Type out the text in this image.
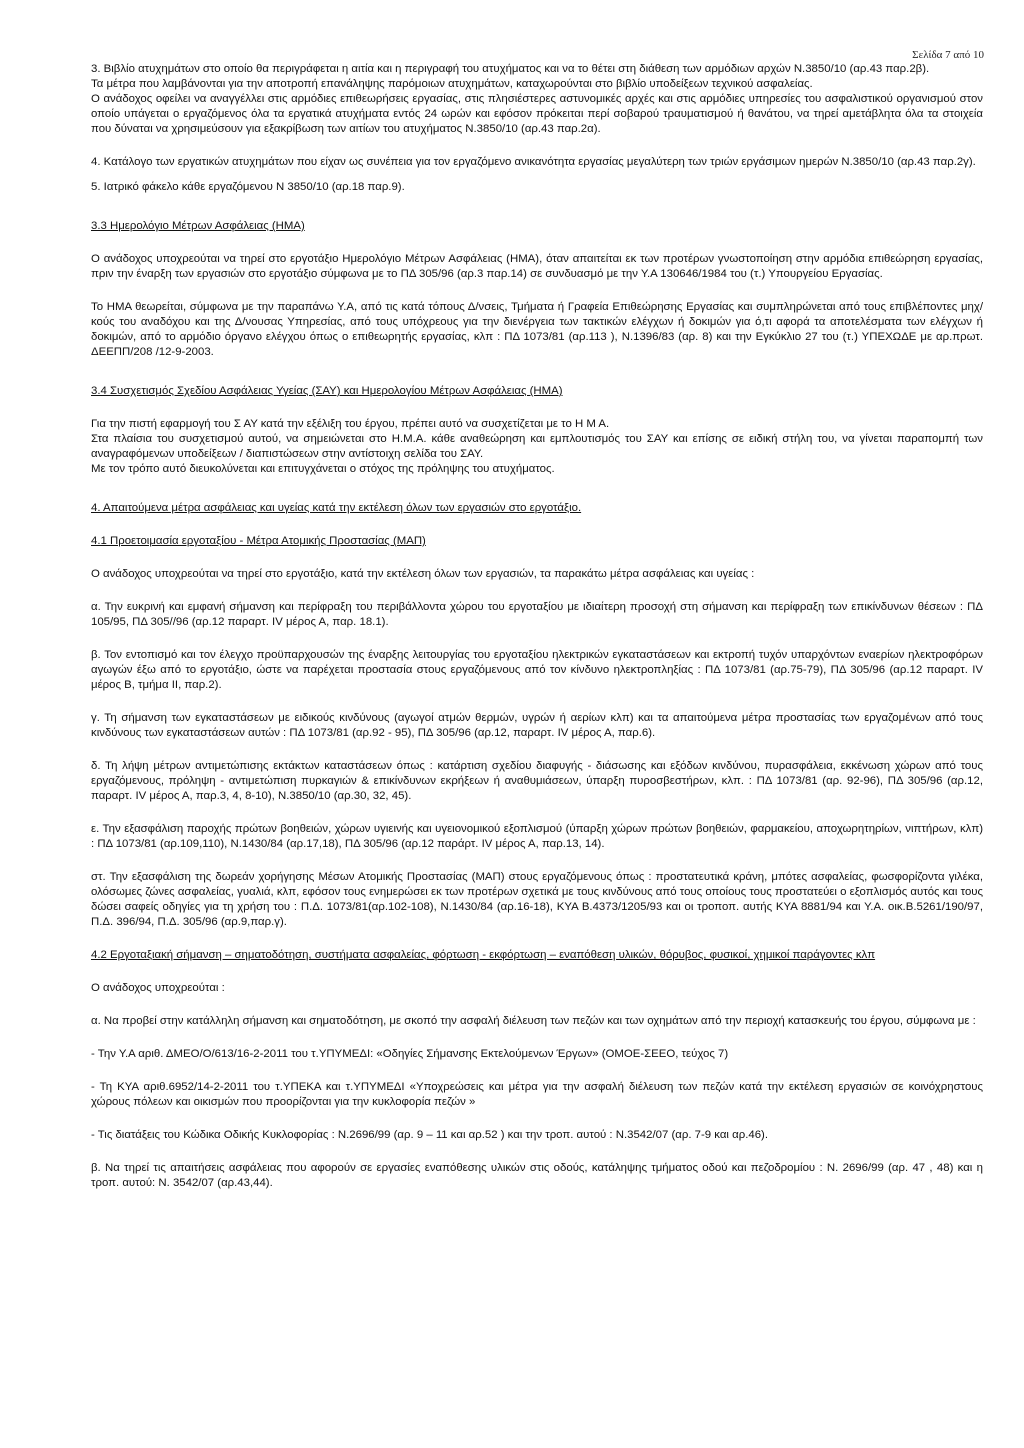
Σελίδα 7 από 10

3. Βιβλίο ατυχημάτων στο οποίο θα περιγράφεται η αιτία και η περιγραφή του ατυχήματος και να το θέτει στη διάθεση των αρμόδιων αρχών Ν.3850/10 (αρ.43 παρ.2β).

Τα μέτρα που λαμβάνονται για την αποτροπή επανάληψης παρόμοιων ατυχημάτων, καταχωρούνται στο βιβλίο υποδείξεων τεχνικού ασφαλείας.

Ο ανάδοχος οφείλει να αναγγέλλει στις αρμόδιες επιθεωρήσεις εργασίας, στις πλησιέστερες αστυνομικές αρχές και στις αρμόδιες υπηρεσίες του ασφαλιστικού οργανισμού στον οποίο υπάγεται ο εργαζόμενος όλα τα εργατικά ατυχήματα εντός 24 ωρών και εφόσον πρόκειται περί σοβαρού τραυματισμού ή θανάτου, να τηρεί αμετάβλητα όλα τα στοιχεία που δύναται να χρησιμεύσουν για εξακρίβωση των αιτίων του ατυχήματος Ν.3850/10 (αρ.43 παρ.2α).

4. Κατάλογο των εργατικών ατυχημάτων που είχαν ως συνέπεια για τον εργαζόμενο ανικανότητα εργασίας μεγαλύτερη των τριών εργάσιμων ημερών Ν.3850/10 (αρ.43 παρ.2γ).

5. Ιατρικό φάκελο κάθε εργαζόμενου Ν 3850/10 (αρ.18 παρ.9).

3.3 Ημερολόγιο Μέτρων Ασφάλειας (ΗΜΑ)

Ο ανάδοχος υποχρεούται να τηρεί στο εργοτάξιο Ημερολόγιο Μέτρων Ασφάλειας (ΗΜΑ), όταν απαιτείται εκ των προτέρων γνωστοποίηση στην αρμόδια επιθεώρηση εργασίας, πριν την έναρξη των εργασιών στο εργοτάξιο σύμφωνα με το ΠΔ 305/96 (αρ.3 παρ.14) σε συνδυασμό με την Υ.Α 130646/1984 του (τ.) Υπουργείου Εργασίας.

Το ΗΜΑ θεωρείται, σύμφωνα με την παραπάνω Υ.Α, από τις κατά τόπους Δ/νσεις, Τμήματα ή Γραφεία Επιθεώρησης Εργασίας και συμπληρώνεται από τους επιβλέποντες μηχ/κούς του αναδόχου και της Δ/νουσας Υπηρεσίας, από τους υπόχρεους για την διενέργεια των τακτικών ελέγχων ή δοκιμών για ό,τι αφορά τα αποτελέσματα των ελέγχων ή δοκιμών, από το αρμόδιο όργανο ελέγχου όπως ο επιθεωρητής εργασίας, κλπ : ΠΔ 1073/81 (αρ.113 ), Ν.1396/83 (αρ. 8) και την Εγκύκλιο 27 του (τ.) ΥΠΕΧΩΔΕ με αρ.πρωτ. ΔΕΕΠΠ/208 /12-9-2003.

3.4 Συσχετισμός Σχεδίου Ασφάλειας Υγείας (ΣΑΥ) και Ημερολογίου Μέτρων Ασφάλειας (ΗΜΑ)

Για την πιστή εφαρμογή του Σ ΑΥ κατά την εξέλιξη του έργου, πρέπει αυτό να συσχετίζεται με το Η Μ Α.

Στα πλαίσια του συσχετισμού αυτού, να σημειώνεται στο Η.Μ.Α. κάθε αναθεώρηση και εμπλουτισμός του ΣΑΥ και επίσης σε ειδική στήλη του, να γίνεται παραπομπή των αναγραφόμενων υποδείξεων / διαπιστώσεων στην αντίστοιχη σελίδα του ΣΑΥ.

Με τον τρόπο αυτό διευκολύνεται και επιτυγχάνεται ο στόχος της πρόληψης του ατυχήματος.

4. Απαιτούμενα μέτρα ασφάλειας και υγείας κατά την εκτέλεση όλων των εργασιών στο εργοτάξιο.

4.1 Προετοιμασία εργοταξίου - Μέτρα Ατομικής Προστασίας (ΜΑΠ)

Ο ανάδοχος υποχρεούται να τηρεί στο εργοτάξιο, κατά την εκτέλεση όλων των εργασιών, τα παρακάτω μέτρα ασφάλειας και υγείας :

α. Την ευκρινή και εμφανή σήμανση και περίφραξη του περιβάλλοντα χώρου του εργοταξίου με ιδιαίτερη προσοχή στη σήμανση και περίφραξη των επικίνδυνων θέσεων : ΠΔ 105/95, ΠΔ 305//96 (αρ.12 παραρτ. IV μέρος Α, παρ. 18.1).

β. Τον εντοπισμό και τον έλεγχο προϋπαρχουσών της έναρξης λειτουργίας του εργοταξίου ηλεκτρικών εγκαταστάσεων και εκτροπή τυχόν υπαρχόντων εναερίων ηλεκτροφόρων αγωγών έξω από το εργοτάξιο, ώστε να παρέχεται προστασία στους εργαζόμενους από τον κίνδυνο ηλεκτροπληξίας : ΠΔ 1073/81 (αρ.75-79), ΠΔ 305/96 (αρ.12 παραρτ. IV μέρος Β, τμήμα ΙΙ, παρ.2).

γ. Τη σήμανση των εγκαταστάσεων με ειδικούς κινδύνους (αγωγοί ατμών θερμών, υγρών ή αερίων κλπ) και τα απαιτούμενα μέτρα προστασίας των εργαζομένων από τους κινδύνους των εγκαταστάσεων αυτών : ΠΔ 1073/81 (αρ.92 - 95), ΠΔ 305/96 (αρ.12, παραρτ. IV μέρος Α, παρ.6).

δ. Τη λήψη μέτρων αντιμετώπισης εκτάκτων καταστάσεων όπως : κατάρτιση σχεδίου διαφυγής - διάσωσης και εξόδων κινδύνου, πυρασφάλεια, εκκένωση χώρων από τους εργαζόμενους, πρόληψη - αντιμετώπιση πυρκαγιών & επικίνδυνων εκρήξεων ή αναθυμιάσεων, ύπαρξη πυροσβεστήρων, κλπ. : ΠΔ 1073/81 (αρ. 92-96), ΠΔ 305/96 (αρ.12, παραρτ. IV μέρος Α, παρ.3, 4, 8-10), Ν.3850/10 (αρ.30, 32, 45).

ε. Την εξασφάλιση παροχής πρώτων βοηθειών, χώρων υγιεινής και υγειονομικού εξοπλισμού (ύπαρξη χώρων πρώτων βοηθειών, φαρμακείου, αποχωρητηρίων, νιπτήρων, κλπ) : ΠΔ 1073/81 (αρ.109,110), Ν.1430/84 (αρ.17,18), ΠΔ 305/96 (αρ.12 παράρτ. IV μέρος Α, παρ.13, 14).

στ. Την εξασφάλιση της δωρεάν χορήγησης Μέσων Ατομικής Προστασίας (ΜΑΠ) στους εργαζόμενους όπως : προστατευτικά κράνη, μπότες ασφαλείας, φωσφορίζοντα γιλέκα, ολόσωμες ζώνες ασφαλείας, γυαλιά, κλπ, εφόσον τους ενημερώσει εκ των προτέρων σχετικά με τους κινδύνους από τους οποίους τους προστατεύει ο εξοπλισμός αυτός και τους δώσει σαφείς οδηγίες για τη χρήση του : Π.Δ. 1073/81(αρ.102-108), Ν.1430/84 (αρ.16-18), ΚΥΑ Β.4373/1205/93 και οι τροποπ. αυτής ΚΥΑ 8881/94 και Υ.Α. οικ.Β.5261/190/97, Π.Δ. 396/94, Π.Δ. 305/96 (αρ.9,παρ.γ).

4.2 Εργοταξιακή σήμανση – σηματοδότηση, συστήματα ασφαλείας, φόρτωση - εκφόρτωση – εναπόθεση υλικών, θόρυβος, φυσικοί, χημικοί παράγοντες κλπ

Ο ανάδοχος υποχρεούται :

α. Να προβεί στην κατάλληλη σήμανση και σηματοδότηση, με σκοπό την ασφαλή διέλευση των πεζών και των οχημάτων από την περιοχή κατασκευής του έργου, σύμφωνα με :

- Την Υ.Α αριθ. ΔΜΕΟ/Ο/613/16-2-2011 του τ.ΥΠΥΜΕΔΙ: «Οδηγίες Σήμανσης Εκτελούμενων Έργων» (ΟΜΟΕ-ΣΕΕΟ, τεύχος 7)

- Τη ΚΥΑ αριθ.6952/14-2-2011 του τ.ΥΠΕΚΑ και τ.ΥΠΥΜΕΔΙ «Υποχρεώσεις και μέτρα για την ασφαλή διέλευση των πεζών κατά την εκτέλεση εργασιών σε κοινόχρηστους χώρους πόλεων και οικισμών που προορίζονται για την κυκλοφορία πεζών »

- Τις διατάξεις του Κώδικα Οδικής Κυκλοφορίας : Ν.2696/99 (αρ. 9 – 11 και αρ.52 ) και την τροπ. αυτού : Ν.3542/07 (αρ. 7-9 και αρ.46).

β. Να τηρεί τις απαιτήσεις ασφάλειας που αφορούν σε εργασίες εναπόθεσης υλικών στις οδούς, κατάληψης τμήματος οδού και πεζοδρομίου : Ν. 2696/99 (αρ. 47 , 48) και η τροπ. αυτού: Ν. 3542/07 (αρ.43,44).
